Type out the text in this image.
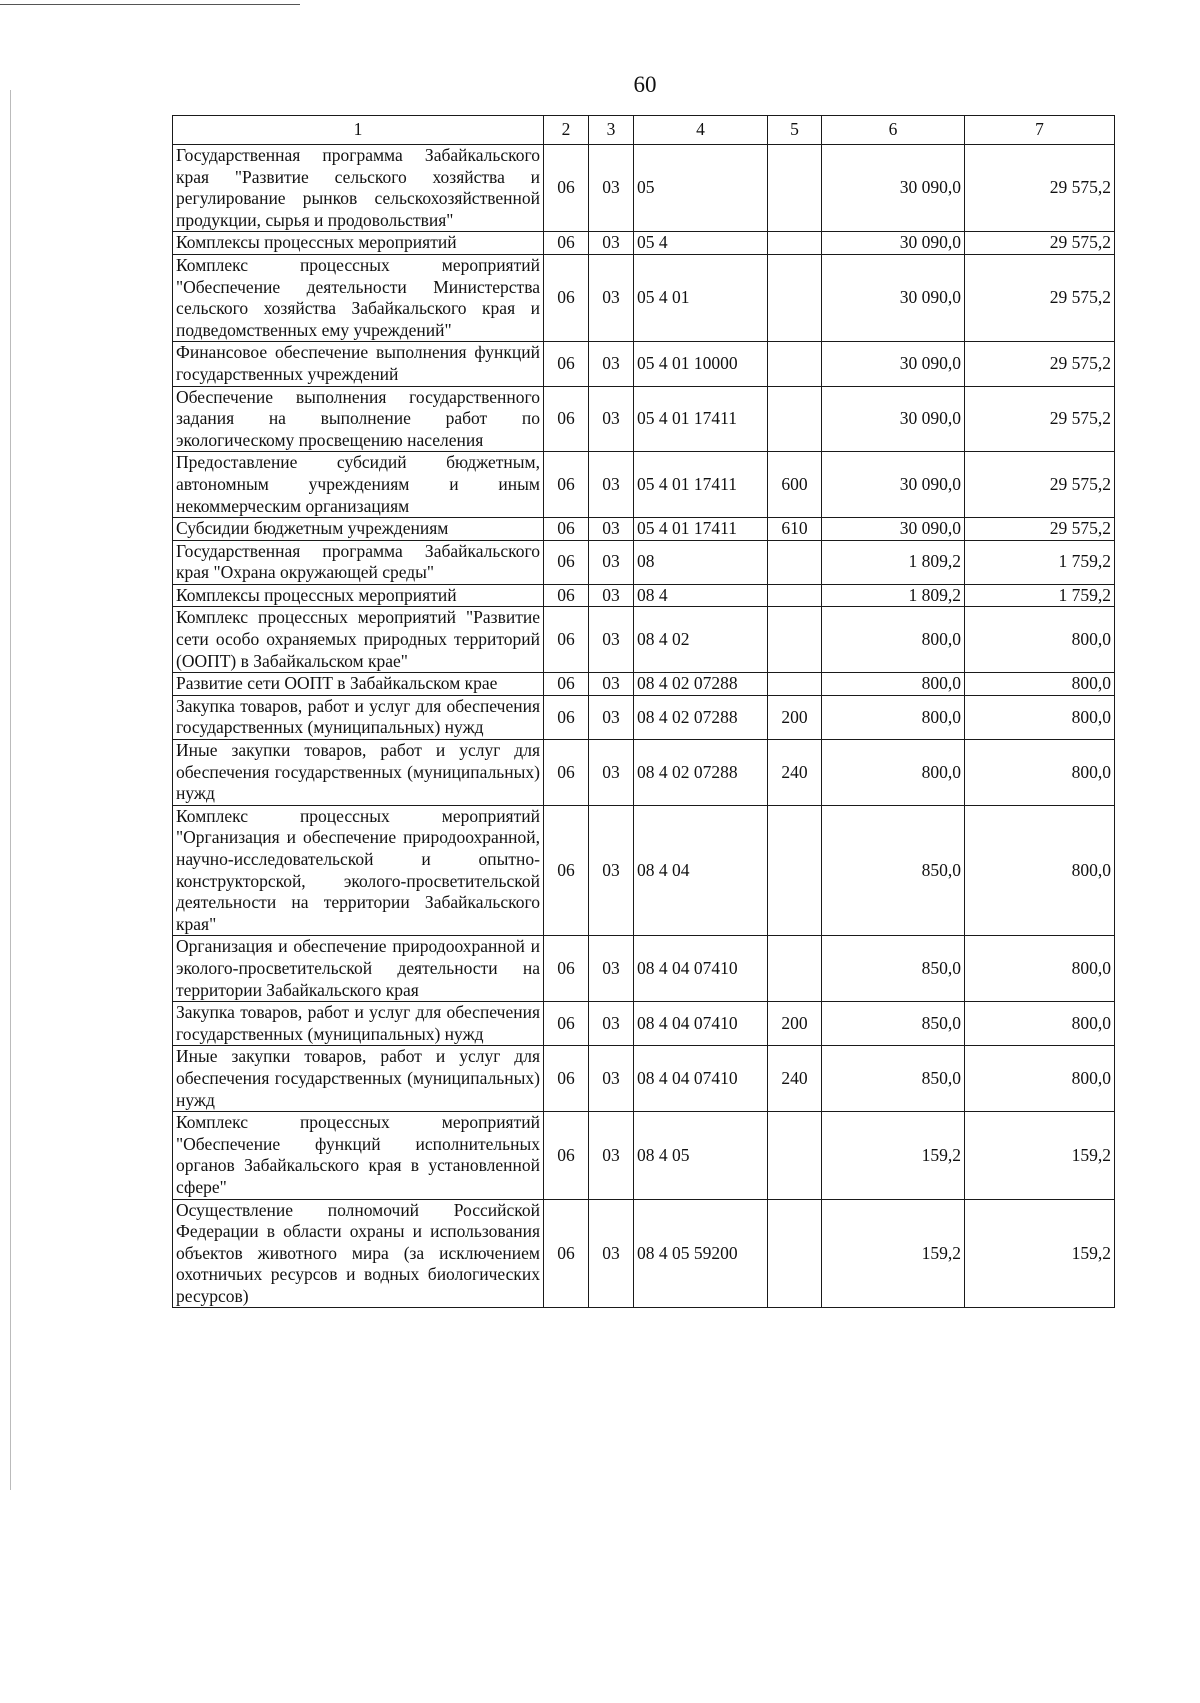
60
1	2	3	4	5	6	7
Государственная программа Забайкальского края "Развитие сельского хозяйства и регулирование рынков сельскохозяйственной продукции, сырья и продовольствия"	06	03	05		30 090,0	29 575,2
Комплексы процессных мероприятий	06	03	05 4		30 090,0	29 575,2
Комплекс процессных мероприятий "Обеспечение деятельности Министерства сельского хозяйства Забайкальского края и подведомственных ему учреждений"	06	03	05 4 01		30 090,0	29 575,2
Финансовое обеспечение выполнения функций государственных учреждений	06	03	05 4 01 10000		30 090,0	29 575,2
Обеспечение выполнения государственного задания на выполнение работ по экологическому просвещению населения	06	03	05 4 01 17411		30 090,0	29 575,2
Предоставление субсидий бюджетным, автономным учреждениям и иным некоммерческим организациям	06	03	05 4 01 17411	600	30 090,0	29 575,2
Субсидии бюджетным учреждениям	06	03	05 4 01 17411	610	30 090,0	29 575,2
Государственная программа Забайкальского края "Охрана окружающей среды"	06	03	08		1 809,2	1 759,2
Комплексы процессных мероприятий	06	03	08 4		1 809,2	1 759,2
Комплекс процессных мероприятий "Развитие сети особо охраняемых природных территорий (ООПТ) в Забайкальском крае"	06	03	08 4 02		800,0	800,0
Развитие сети ООПТ в Забайкальском крае	06	03	08 4 02 07288		800,0	800,0
Закупка товаров, работ и услуг для обеспечения государственных (муниципальных) нужд	06	03	08 4 02 07288	200	800,0	800,0
Иные закупки товаров, работ и услуг для обеспечения государственных (муниципальных) нужд	06	03	08 4 02 07288	240	800,0	800,0
Комплекс процессных мероприятий "Организация и обеспечение природоохранной, научно-исследовательской и опытно-конструкторской, эколого-просветительской деятельности на территории Забайкальского края"	06	03	08 4 04		850,0	800,0
Организация и обеспечение природоохранной и эколого-просветительской деятельности на территории Забайкальского края	06	03	08 4 04 07410		850,0	800,0
Закупка товаров, работ и услуг для обеспечения государственных (муниципальных) нужд	06	03	08 4 04 07410	200	850,0	800,0
Иные закупки товаров, работ и услуг для обеспечения государственных (муниципальных) нужд	06	03	08 4 04 07410	240	850,0	800,0
Комплекс процессных мероприятий "Обеспечение функций исполнительных органов Забайкальского края в установленной сфере"	06	03	08 4 05		159,2	159,2
Осуществление полномочий Российской Федерации в области охраны и использования объектов животного мира (за исключением охотничьих ресурсов и водных биологических ресурсов)	06	03	08 4 05 59200		159,2	159,2
